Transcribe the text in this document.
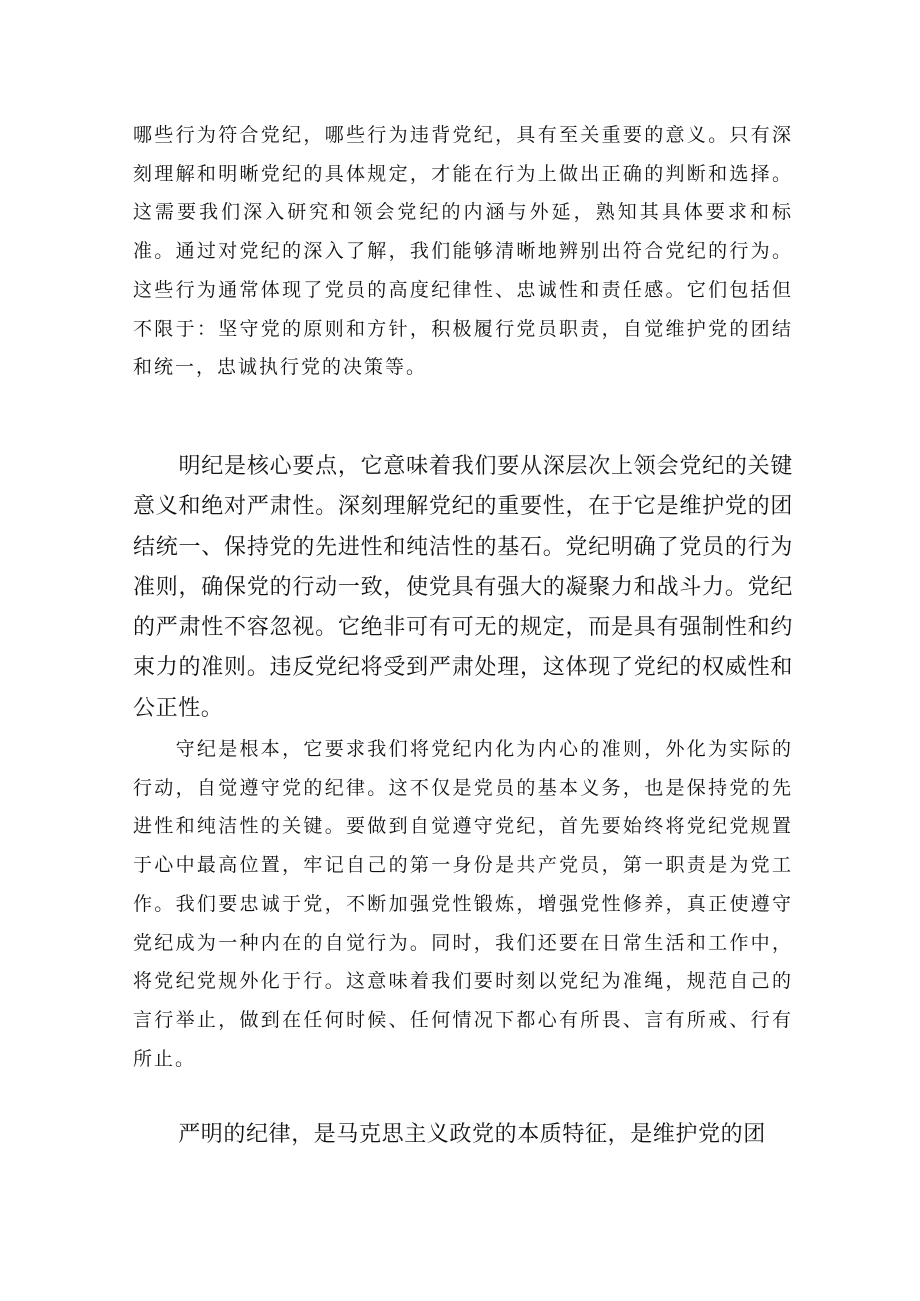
哪些行为符合党纪，哪些行为违背党纪，具有至关重要的意义。只有深刻理解和明晰党纪的具体规定，才能在行为上做出正确的判断和选择。这需要我们深入研究和领会党纪的内涵与外延，熟知其具体要求和标准。通过对党纪的深入了解，我们能够清晰地辨别出符合党纪的行为。这些行为通常体现了党员的高度纪律性、忠诚性和责任感。它们包括但不限于：坚守党的原则和方针，积极履行党员职责，自觉维护党的团结和统一，忠诚执行党的决策等。

　　明纪是核心要点，它意味着我们要从深层次上领会党纪的关键意义和绝对严肃性。深刻理解党纪的重要性，在于它是维护党的团结统一、保持党的先进性和纯洁性的基石。党纪明确了党员的行为准则，确保党的行动一致，使党具有强大的凝聚力和战斗力。党纪的严肃性不容忽视。它绝非可有可无的规定，而是具有强制性和约束力的准则。违反党纪将受到严肃处理，这体现了党纪的权威性和公正性。

　　守纪是根本，它要求我们将党纪内化为内心的准则，外化为实际的行动，自觉遵守党的纪律。这不仅是党员的基本义务，也是保持党的先进性和纯洁性的关键。要做到自觉遵守党纪，首先要始终将党纪党规置于心中最高位置，牢记自己的第一身份是共产党员，第一职责是为党工作。我们要忠诚于党，不断加强党性锻炼，增强党性修养，真正使遵守党纪成为一种内在的自觉行为。同时，我们还要在日常生活和工作中，将党纪党规外化于行。这意味着我们要时刻以党纪为准绳，规范自己的言行举止，做到在任何时候、任何情况下都心有所畏、言有所戒、行有所止。

　　严明的纪律，是马克思主义政党的本质特征，是维护党的团
